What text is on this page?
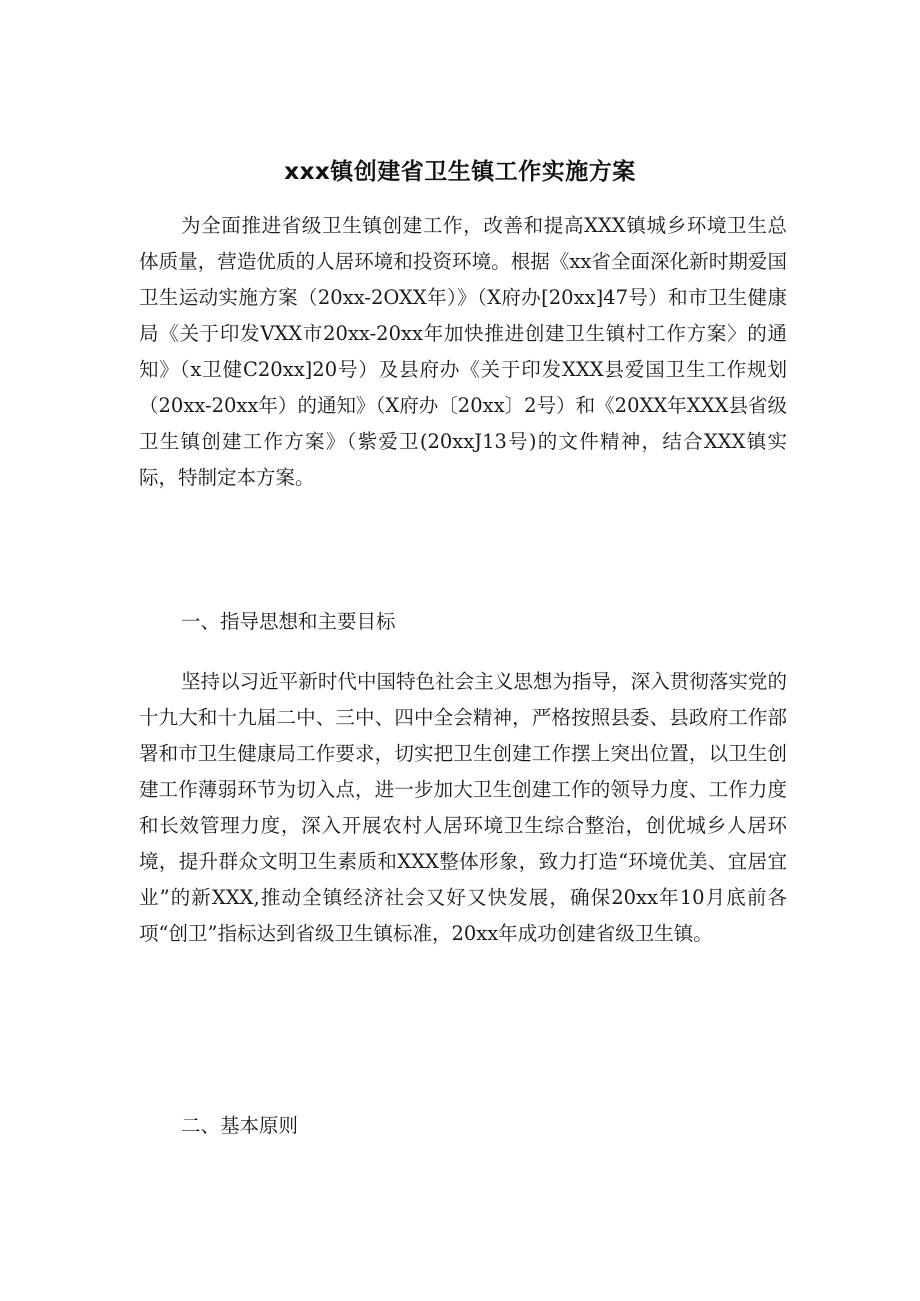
xxx镇创建省卫生镇工作实施方案

为全面推进省级卫生镇创建工作，改善和提高XXX镇城乡环境卫生总体质量，营造优质的人居环境和投资环境。根据《xx省全面深化新时期爱国卫生运动实施方案（20xx-2OXX年）》（X府办[20xx]47号）和市卫生健康局《关于印发VXX市20xx-20xx年加快推进创建卫生镇村工作方案〉的通知》（x卫健C20xx]20号）及县府办《关于印发XXX县爱国卫生工作规划（20xx-20xx年）的通知》（X府办〔20xx〕2号）和《20XX年XXX县省级卫生镇创建工作方案》（紫爱卫(20xxJ13号)的文件精神，结合XXX镇实际，特制定本方案。

一、指导思想和主要目标

坚持以习近平新时代中国特色社会主义思想为指导，深入贯彻落实党的十九大和十九届二中、三中、四中全会精神，严格按照县委、县政府工作部署和市卫生健康局工作要求，切实把卫生创建工作摆上突出位置，以卫生创建工作薄弱环节为切入点，进一步加大卫生创建工作的领导力度、工作力度和长效管理力度，深入开展农村人居环境卫生综合整治，创优城乡人居环境，提升群众文明卫生素质和XXX整体形象，致力打造“环境优美、宜居宜业”的新XXX,推动全镇经济社会又好又快发展，确保20xx年10月底前各项“创卫”指标达到省级卫生镇标准，20xx年成功创建省级卫生镇。

二、基本原则
